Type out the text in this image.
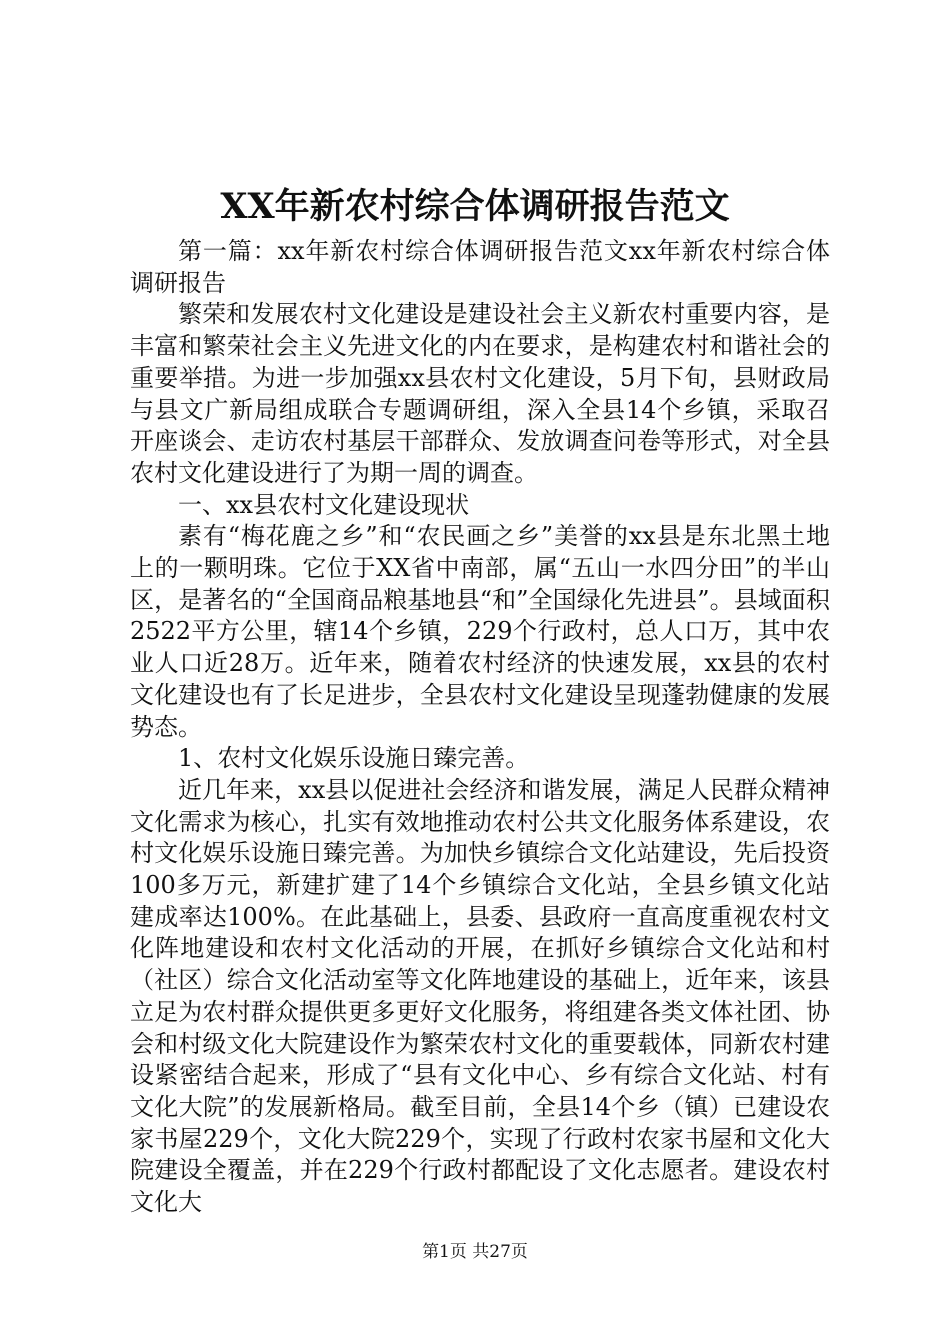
XX年新农村综合体调研报告范文

第一篇：xx年新农村综合体调研报告范文xx年新农村综合体调研报告

繁荣和发展农村文化建设是建设社会主义新农村重要内容，是丰富和繁荣社会主义先进文化的内在要求，是构建农村和谐社会的重要举措。为进一步加强xx县农村文化建设，5月下旬，县财政局与县文广新局组成联合专题调研组，深入全县14个乡镇，采取召开座谈会、走访农村基层干部群众、发放调查问卷等形式，对全县农村文化建设进行了为期一周的调查。

一、xx县农村文化建设现状

素有“梅花鹿之乡”和“农民画之乡”美誉的xx县是东北黑土地上的一颗明珠。它位于XX省中南部，属“五山一水四分田”的半山区，是著名的“全国商品粮基地县“和”全国绿化先进县”。县域面积2522平方公里，辖14个乡镇，229个行政村，总人口万，其中农业人口近28万。近年来，随着农村经济的快速发展，xx县的农村文化建设也有了长足进步，全县农村文化建设呈现蓬勃健康的发展势态。

1、农村文化娱乐设施日臻完善。

近几年来，xx县以促进社会经济和谐发展，满足人民群众精神文化需求为核心，扎实有效地推动农村公共文化服务体系建设，农村文化娱乐设施日臻完善。为加快乡镇综合文化站建设，先后投资100多万元，新建扩建了14个乡镇综合文化站，全县乡镇文化站建成率达100%。在此基础上，县委、县政府一直高度重视农村文化阵地建设和农村文化活动的开展，在抓好乡镇综合文化站和村（社区）综合文化活动室等文化阵地建设的基础上，近年来，该县立足为农村群众提供更多更好文化服务，将组建各类文体社团、协会和村级文化大院建设作为繁荣农村文化的重要载体，同新农村建设紧密结合起来，形成了“县有文化中心、乡有综合文化站、村有文化大院”的发展新格局。截至目前，全县14个乡（镇）已建设农家书屋229个，文化大院229个，实现了行政村农家书屋和文化大院建设全覆盖，并在229个行政村都配设了文化志愿者。建设农村文化大

第1页 共27页
